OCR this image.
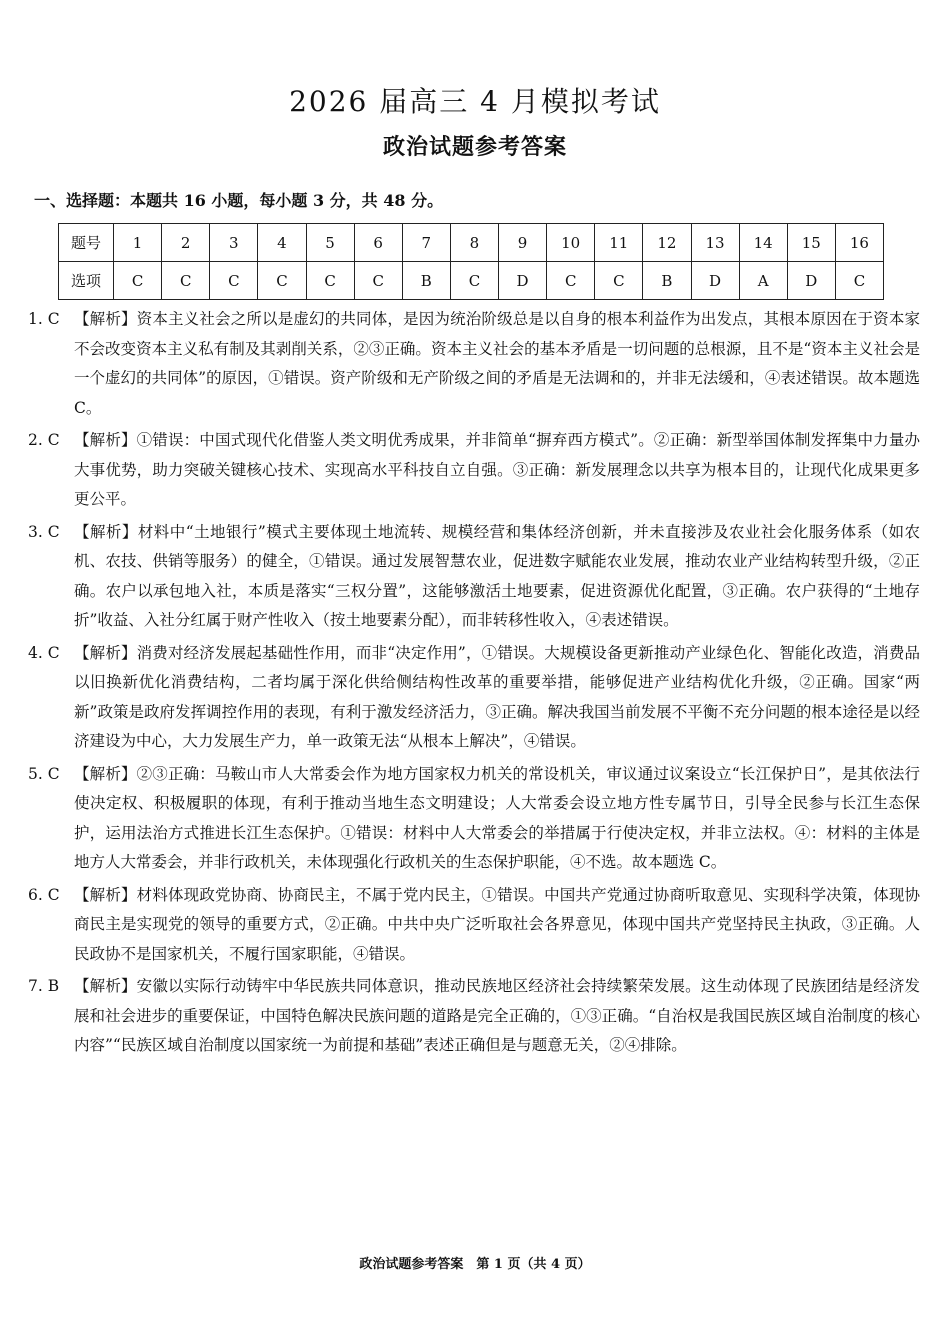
2026 届高三 4 月模拟考试
政治试题参考答案
一、选择题：本题共 16 小题，每小题 3 分，共 48 分。
题号	1	2	3	4	5	6	7	8	9	10	11	12	13	14	15	16
选项	C	C	C	C	C	C	B	C	D	C	C	B	D	A	D	C
1. C 【解析】资本主义社会之所以是虚幻的共同体，是因为统治阶级总是以自身的根本利益作为出发点，其根本原因在于资本家不会改变资本主义私有制及其剥削关系，②③正确。资本主义社会的基本矛盾是一切问题的总根源，且不是“资本主义社会是一个虚幻的共同体”的原因，①错误。资产阶级和无产阶级之间的矛盾是无法调和的，并非无法缓和，④表述错误。故本题选 C。
2. C 【解析】①错误：中国式现代化借鉴人类文明优秀成果，并非简单“摒弃西方模式”。②正确：新型举国体制发挥集中力量办大事优势，助力突破关键核心技术、实现高水平科技自立自强。③正确：新发展理念以共享为根本目的，让现代化成果更多更公平。
3. C 【解析】材料中“土地银行”模式主要体现土地流转、规模经营和集体经济创新，并未直接涉及农业社会化服务体系（如农机、农技、供销等服务）的健全，①错误。通过发展智慧农业，促进数字赋能农业发展，推动农业产业结构转型升级，②正确。农户以承包地入社，本质是落实“三权分置”，这能够激活土地要素，促进资源优化配置，③正确。农户获得的“土地存折”收益、入社分红属于财产性收入（按土地要素分配），而非转移性收入，④表述错误。
4. C 【解析】消费对经济发展起基础性作用，而非“决定作用”，①错误。大规模设备更新推动产业绿色化、智能化改造，消费品以旧换新优化消费结构，二者均属于深化供给侧结构性改革的重要举措，能够促进产业结构优化升级，②正确。国家“两新”政策是政府发挥调控作用的表现，有利于激发经济活力，③正确。解决我国当前发展不平衡不充分问题的根本途径是以经济建设为中心，大力发展生产力，单一政策无法“从根本上解决”，④错误。
5. C 【解析】②③正确：马鞍山市人大常委会作为地方国家权力机关的常设机关，审议通过议案设立“长江保护日”，是其依法行使决定权、积极履职的体现，有利于推动当地生态文明建设；人大常委会设立地方性专属节日，引导全民参与长江生态保护，运用法治方式推进长江生态保护。①错误：材料中人大常委会的举措属于行使决定权，并非立法权。④：材料的主体是地方人大常委会，并非行政机关，未体现强化行政机关的生态保护职能，④不选。故本题选 C。
6. C 【解析】材料体现政党协商、协商民主，不属于党内民主，①错误。中国共产党通过协商听取意见、实现科学决策，体现协商民主是实现党的领导的重要方式，②正确。中共中央广泛听取社会各界意见，体现中国共产党坚持民主执政，③正确。人民政协不是国家机关，不履行国家职能，④错误。
7. B 【解析】安徽以实际行动铸牢中华民族共同体意识，推动民族地区经济社会持续繁荣发展。这生动体现了民族团结是经济发展和社会进步的重要保证，中国特色解决民族问题的道路是完全正确的，①③正确。“自治权是我国民族区域自治制度的核心内容”“民族区域自治制度以国家统一为前提和基础”表述正确但是与题意无关，②④排除。
政治试题参考答案　第 1 页（共 4 页）
